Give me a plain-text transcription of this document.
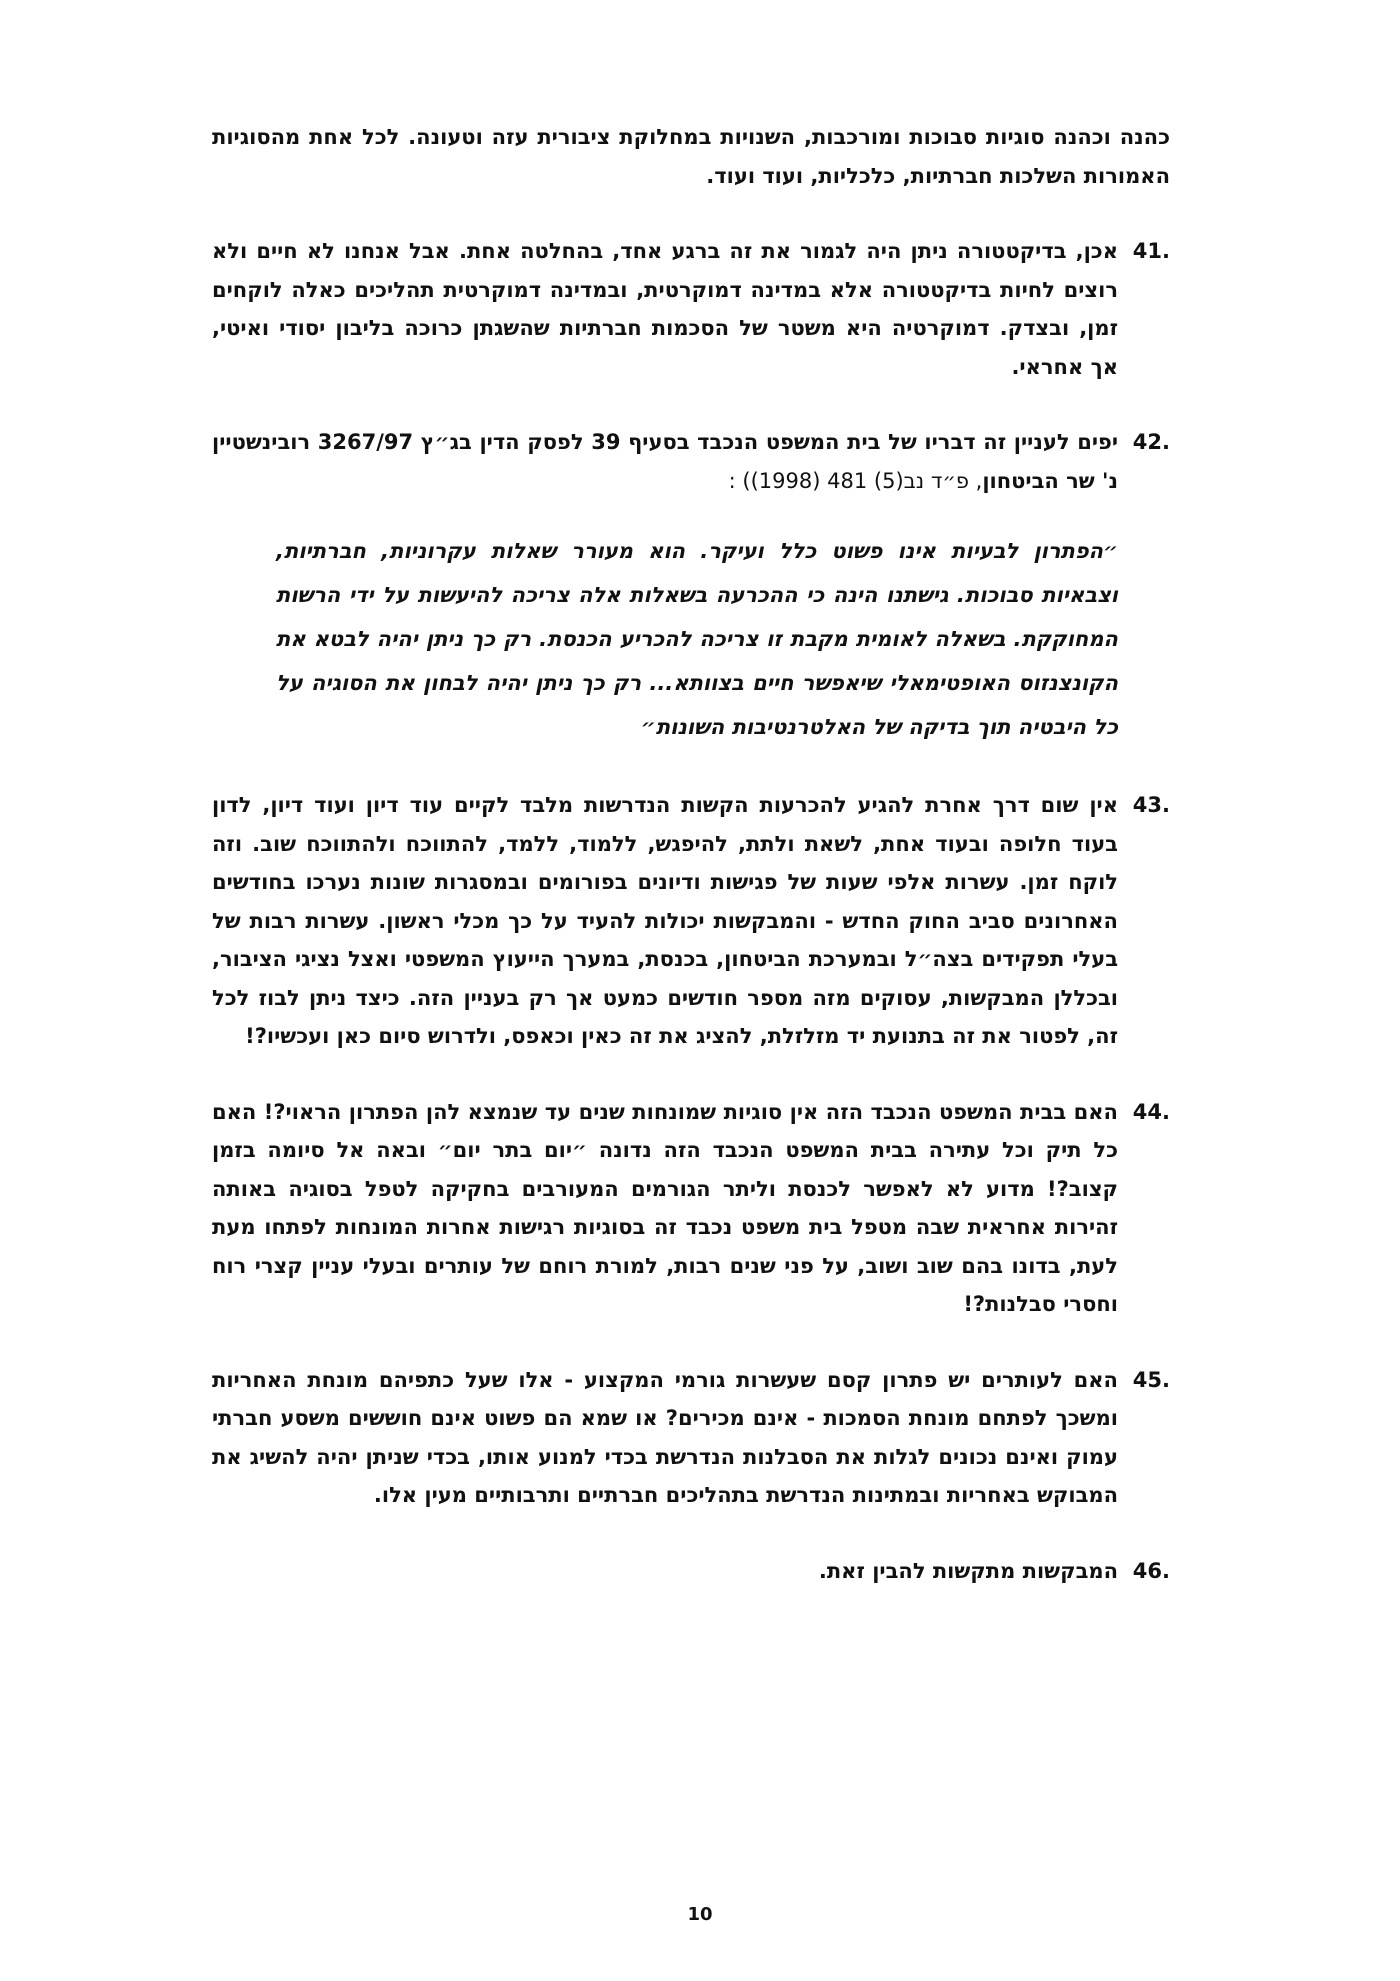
כהנה וכהנה סוגיות סבוכות ומורכבות, השנויות במחלוקת ציבורית עזה וטעונה. לכל אחת מהסוגיות האמורות השלכות חברתיות, כלכליות, ועוד ועוד.

41.
אכן, בדיקטטורה ניתן היה לגמור את זה ברגע אחד, בהחלטה אחת. אבל אנחנו לא חיים ולא רוצים לחיות בדיקטטורה אלא במדינה דמוקרטית, ובמדינה דמוקרטית תהליכים כאלה לוקחים זמן, ובצדק. דמוקרטיה היא משטר של הסכמות חברתיות שהשגתן כרוכה בליבון יסודי ואיטי, אך אחראי.
42.
יפים לעניין זה דבריו של בית המשפט הנכבד בסעיף 39 לפסק הדין בג״ץ 3267/97 רובינשטיין נ' שר הביטחון, פ״ד נב(5) 481 (1998)) :
״הפתרון לבעיות אינו פשוט כלל ועיקר. הוא מעורר שאלות עקרוניות, חברתיות, וצבאיות סבוכות. גישתנו הינה כי ההכרעה בשאלות אלה צריכה להיעשות על ידי הרשות המחוקקת. בשאלה לאומית מקבת זו צריכה להכריע הכנסת. רק כך ניתן יהיה לבטא את הקונצנזוס האופטימאלי שיאפשר חיים בצוותא... רק כך ניתן יהיה לבחון את הסוגיה על כל היבטיה תוך בדיקה של האלטרנטיבות השונות״
43.
אין שום דרך אחרת להגיע להכרעות הקשות הנדרשות מלבד לקיים עוד דיון ועוד דיון, לדון בעוד חלופה ובעוד אחת, לשאת ולתת, להיפגש, ללמוד, ללמד, להתווכח ולהתווכח שוב. וזה לוקח זמן. עשרות אלפי שעות של פגישות ודיונים בפורומים ובמסגרות שונות נערכו בחודשים האחרונים סביב החוק החדש - והמבקשות יכולות להעיד על כך מכלי ראשון. עשרות רבות של בעלי תפקידים בצה״ל ובמערכת הביטחון, בכנסת, במערך הייעוץ המשפטי ואצל נציגי הציבור, ובכללן המבקשות, עסוקים מזה מספר חודשים כמעט אך רק בעניין הזה. כיצד ניתן לבוז לכל זה, לפטור את זה בתנועת יד מזלזלת, להציג את זה כאין וכאפס, ולדרוש סיום כאן ועכשיו?!
44.
האם בבית המשפט הנכבד הזה אין סוגיות שמונחות שנים עד שנמצא להן הפתרון הראוי?! האם כל תיק וכל עתירה בבית המשפט הנכבד הזה נדונה ״יום בתר יום״ ובאה אל סיומה בזמן קצוב?! מדוע לא לאפשר לכנסת וליתר הגורמים המעורבים בחקיקה לטפל בסוגיה באותה זהירות אחראית שבה מטפל בית משפט נכבד זה בסוגיות רגישות אחרות המונחות לפתחו מעת לעת, בדונו בהם שוב ושוב, על פני שנים רבות, למורת רוחם של עותרים ובעלי עניין קצרי רוח וחסרי סבלנות?!
45.
האם לעותרים יש פתרון קסם שעשרות גורמי המקצוע - אלו שעל כתפיהם מונחת האחריות ומשכך לפתחם מונחת הסמכות - אינם מכירים? או שמא הם פשוט אינם חוששים משסע חברתי עמוק ואינם נכונים לגלות את הסבלנות הנדרשת בכדי למנוע אותו, בכדי שניתן יהיה להשיג את המבוקש באחריות ובמתינות הנדרשת בתהליכים חברתיים ותרבותיים מעין אלו.
46.
המבקשות מתקשות להבין זאת.
10
